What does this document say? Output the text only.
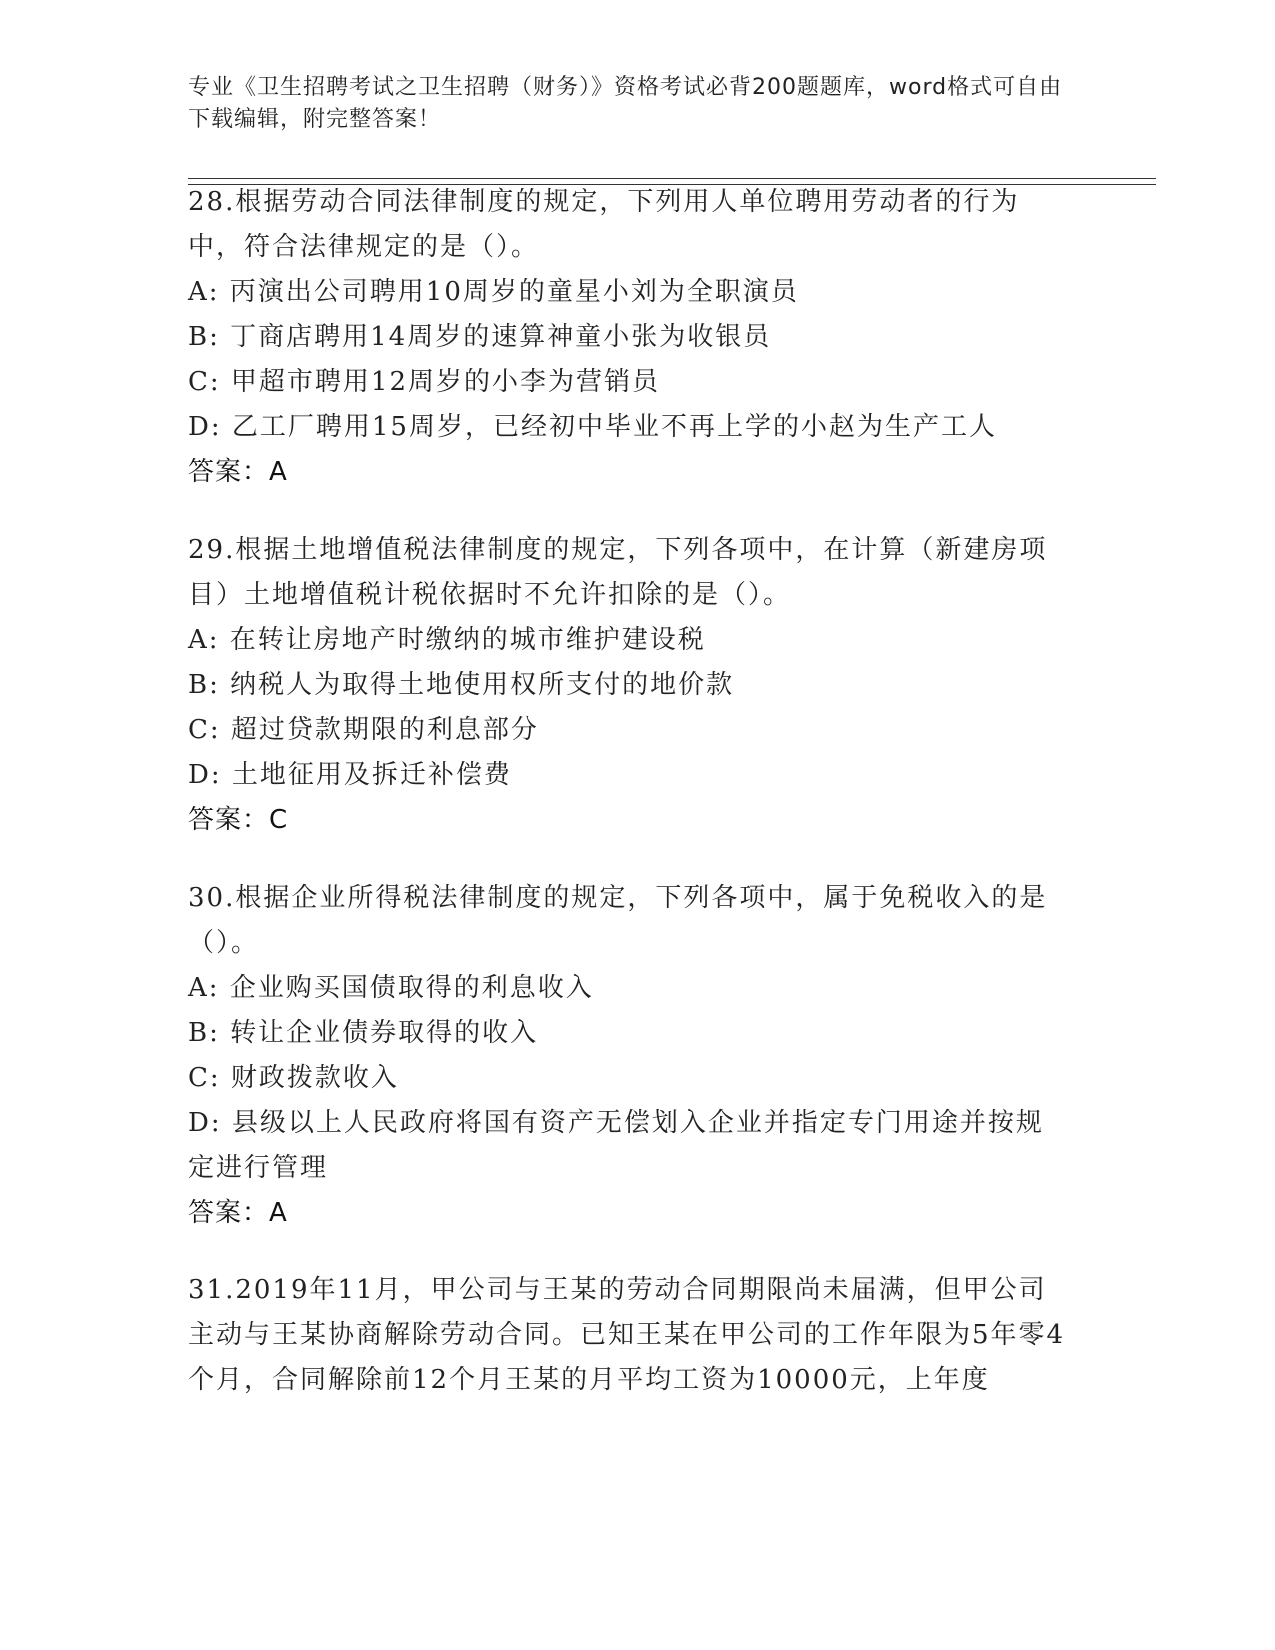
专业《卫生招聘考试之卫生招聘（财务）》资格考试必背200题题库，word格式可自由下载编辑，附完整答案！
28.根据劳动合同法律制度的规定，下列用人单位聘用劳动者的行为中，符合法律规定的是（）。
A: 丙演出公司聘用10周岁的童星小刘为全职演员
B: 丁商店聘用14周岁的速算神童小张为收银员
C: 甲超市聘用12周岁的小李为营销员
D: 乙工厂聘用15周岁，已经初中毕业不再上学的小赵为生产工人
答案：A
29.根据土地增值税法律制度的规定，下列各项中，在计算（新建房项目）土地增值税计税依据时不允许扣除的是（）。
A: 在转让房地产时缴纳的城市维护建设税
B: 纳税人为取得土地使用权所支付的地价款
C: 超过贷款期限的利息部分
D: 土地征用及拆迁补偿费
答案：C
30.根据企业所得税法律制度的规定，下列各项中，属于免税收入的是（）。
A: 企业购买国债取得的利息收入
B: 转让企业债券取得的收入
C: 财政拨款收入
D: 县级以上人民政府将国有资产无偿划入企业并指定专门用途并按规定进行管理
答案：A
31.2019年11月，甲公司与王某的劳动合同期限尚未届满，但甲公司主动与王某协商解除劳动合同。已知王某在甲公司的工作年限为5年零4个月，合同解除前12个月王某的月平均工资为10000元，上年度
